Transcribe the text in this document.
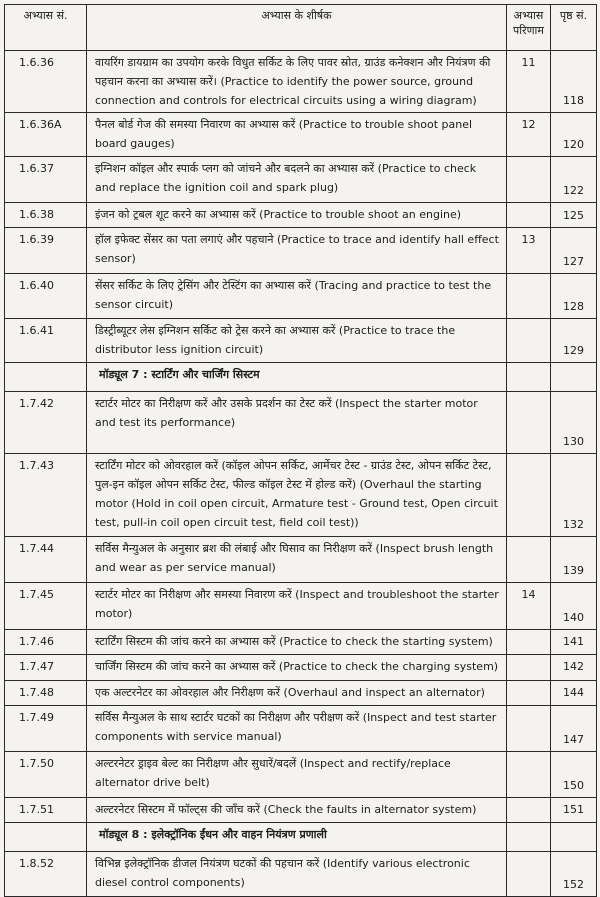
अभ्यास सं.	अभ्यास के शीर्षक	अभ्यास परिणाम	पृष्ठ सं.
1.6.36	वायरिंग डायग्राम का उपयोग करके विधुत सर्किट के लिए पावर स्रोत, ग्राउंड कनेक्शन और नियंत्रण की पहचान करना का अभ्यास करें। (Practice to identify the power source, ground connection and controls for electrical circuits using a wiring diagram)	11	118
1.6.36A	पैनल बोर्ड गेज की समस्या निवारण का अभ्यास करें (Practice to trouble shoot panel board gauges)	12	120
1.6.37	इग्निशन कॉइल और स्पार्क प्लग को जांचने और बदलने का अभ्यास करें (Practice to check and replace the ignition coil and spark plug)		122
1.6.38	इंजन को ट्रबल शूट करने का अभ्यास करें (Practice to trouble shoot an engine)		125
1.6.39	हॉल इफेक्ट सेंसर का पता लगाएं और पहचाने (Practice to trace and identify hall effect sensor)	13	127
1.6.40	सेंसर सर्किट के लिए ट्रेसिंग और टेस्टिंग का अभ्यास करें (Tracing and practice to test the sensor circuit)		128
1.6.41	डिस्ट्रीब्यूटर लेस इग्निशन सर्किट को ट्रेस करने का अभ्यास करें (Practice to trace the distributor less ignition circuit)		129
	मॉड्यूल 7 : स्टार्टिंग और चार्जिंग सिस्टम		
1.7.42	स्टार्टर मोटर का निरीक्षण करें और उसके प्रदर्शन का टेस्ट करें (Inspect the starter motor and test its performance)		130
1.7.43	स्टार्टिंग मोटर को ओवरहाल करें (कॉइल ओपन सर्किट, आर्मेचर टेस्ट - ग्राउंड टेस्ट, ओपन सर्किट टेस्ट, पुल-इन कॉइल ओपन सर्किट टेस्ट, फील्ड कॉइल टेस्ट में होल्ड करें) (Overhaul the starting motor (Hold in coil open circuit, Armature test - Ground test, Open circuit test, pull-in coil open circuit test, field coil test))		132
1.7.44	सर्विस मैन्युअल के अनुसार ब्रश की लंबाई और घिसाव का निरीक्षण करें (Inspect brush length and wear as per service manual)		139
1.7.45	स्टार्टर मोटर का निरीक्षण और समस्या निवारण करें (Inspect and troubleshoot the starter motor)	14	140
1.7.46	स्टार्टिंग सिस्टम की जांच करने का अभ्यास करें (Practice to check the starting system)		141
1.7.47	चार्जिंग सिस्टम की जांच करने का अभ्यास करें (Practice to check the charging system)		142
1.7.48	एक अल्टरनेटर का ओवरहाल और निरीक्षण करें (Overhaul and inspect an alternator)		144
1.7.49	सर्विस मैन्युअल के साथ स्टार्टर घटकों का निरीक्षण और परीक्षण करें (Inspect and test starter components with service manual)		147
1.7.50	अल्टरनेटर ड्राइव बेल्ट का निरीक्षण और सुधारें/बदलें (Inspect and rectify/replace alternator drive belt)		150
1.7.51	अल्टरनेटर सिस्टम में फॉल्ट्स की जाँच करें (Check the faults in alternator system)		151
	मॉड्यूल 8 : इलेक्ट्रॉनिक ईंधन और वाहन नियंत्रण प्रणाली		
1.8.52	विभिन्न इलेक्ट्रॉनिक डीजल नियंत्रण घटकों की पहचान करें (Identify various electronic diesel control components)		152
